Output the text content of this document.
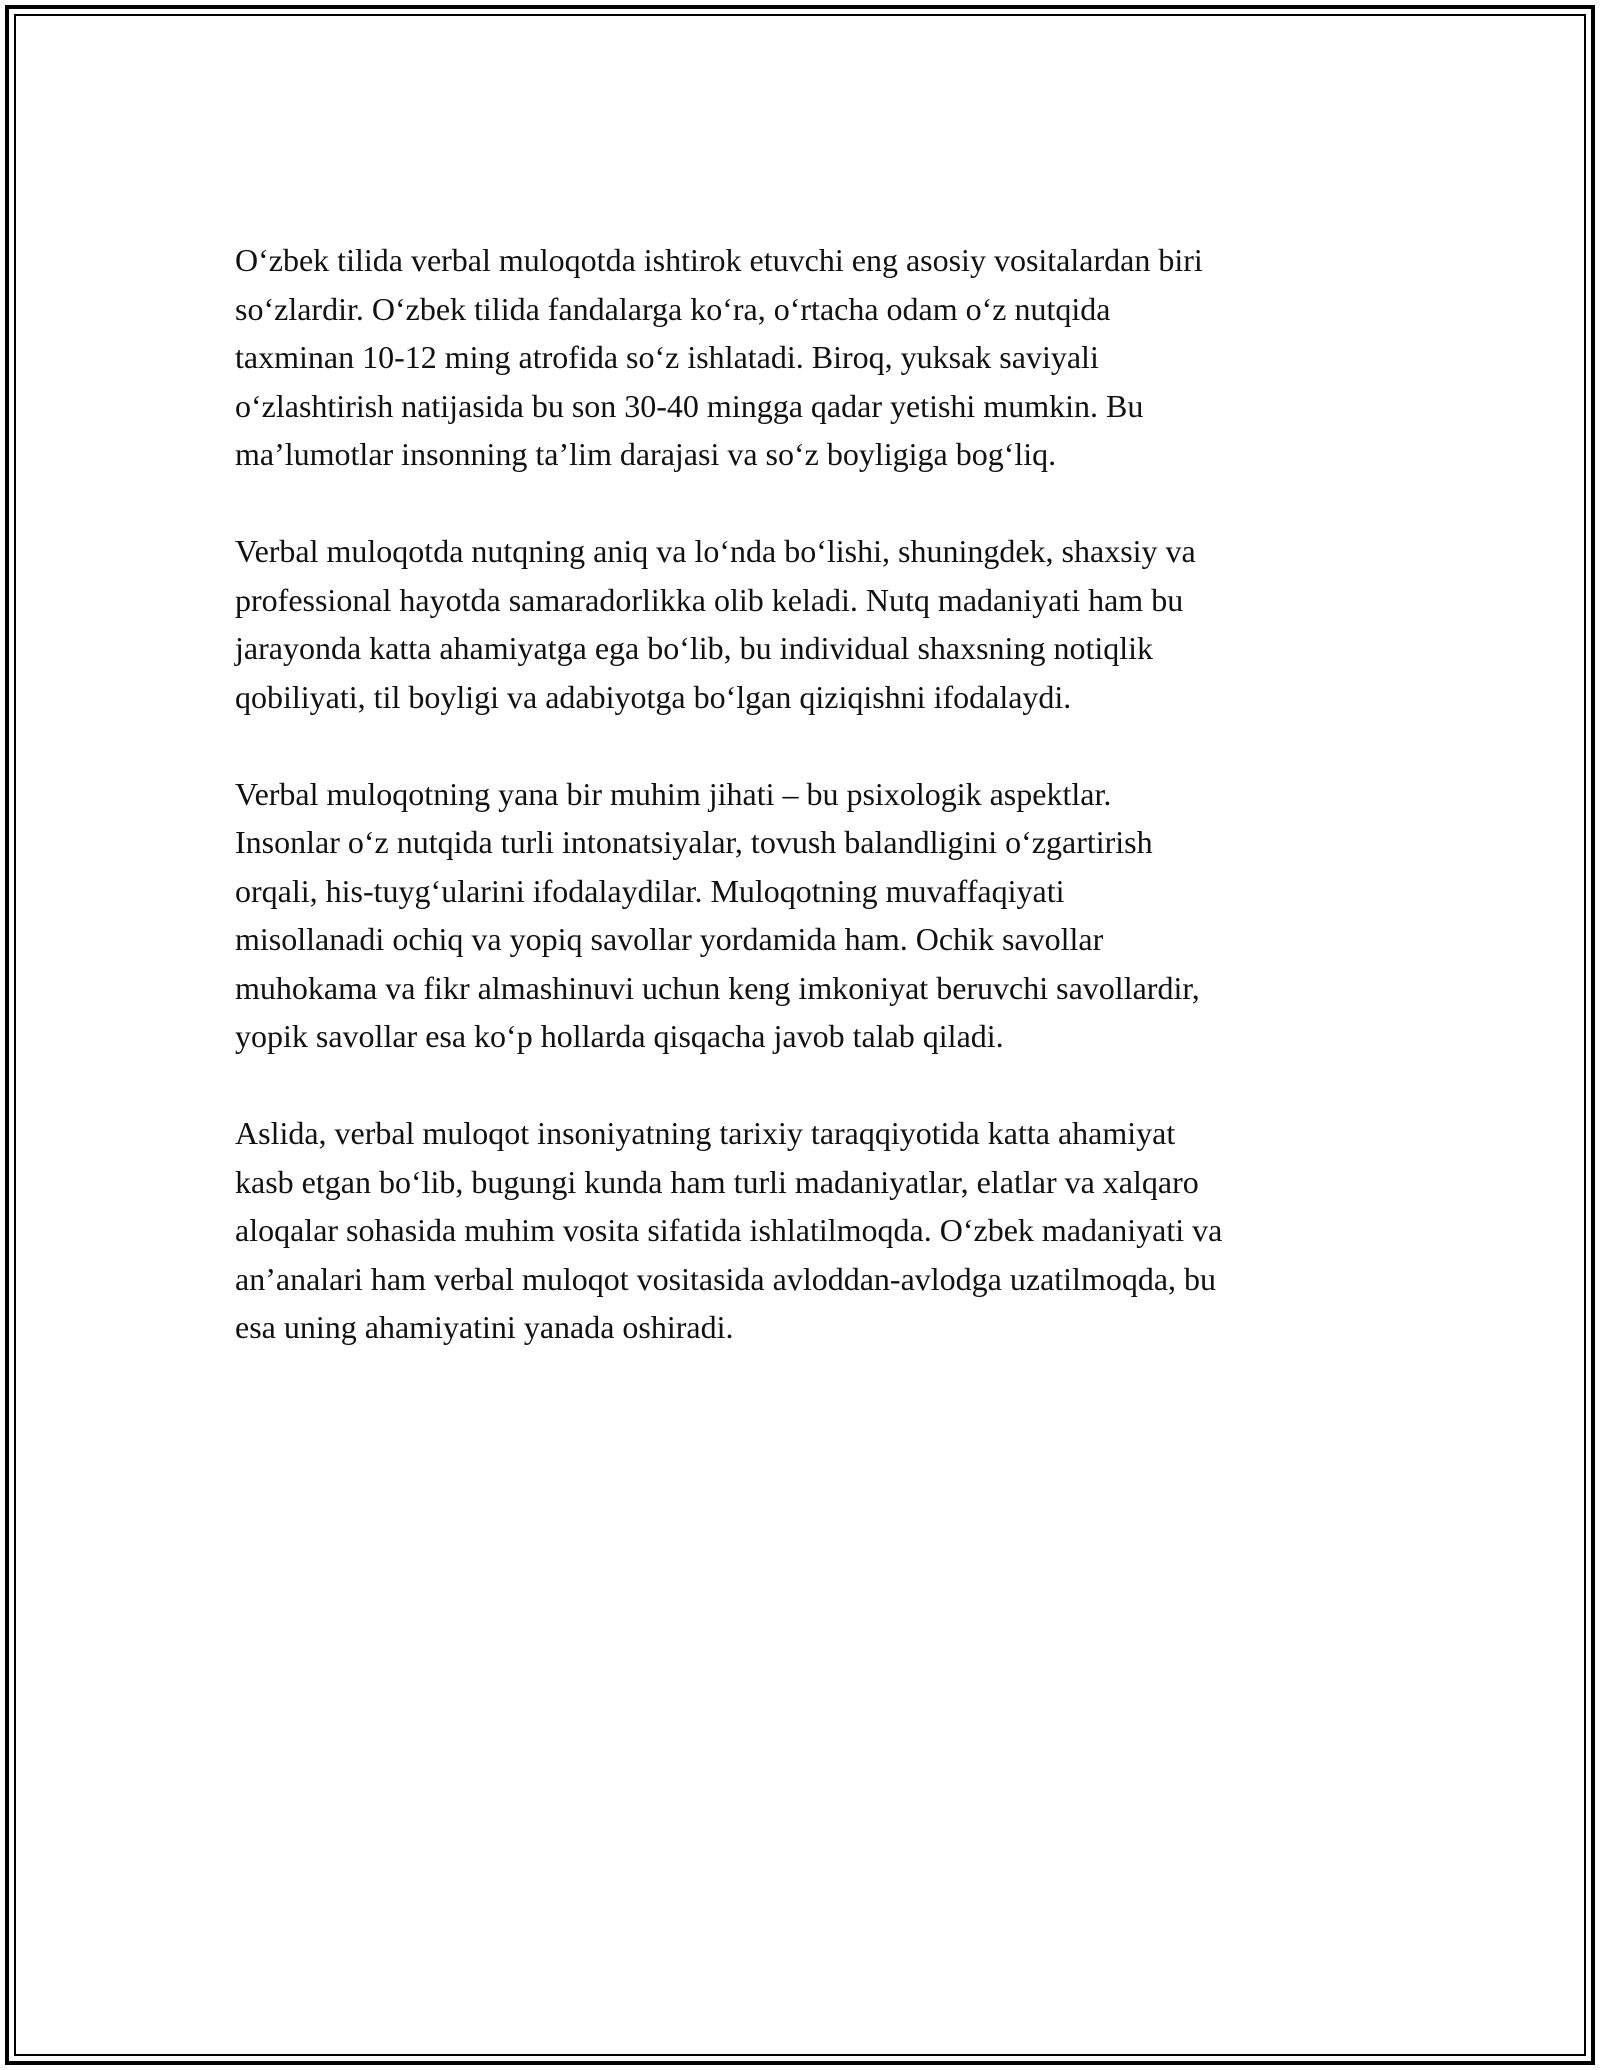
O‘zbek tilida verbal muloqotda ishtirok etuvchi eng asosiy vositalardan biri
so‘zlardir. O‘zbek tilida fandalarga ko‘ra, o‘rtacha odam o‘z nutqida
taxminan 10-12 ming atrofida so‘z ishlatadi. Biroq, yuksak saviyali
o‘zlashtirish natijasida bu son 30-40 mingga qadar yetishi mumkin. Bu
ma’lumotlar insonning ta’lim darajasi va so‘z boyligiga bog‘liq.

Verbal muloqotda nutqning aniq va lo‘nda bo‘lishi, shuningdek, shaxsiy va
professional hayotda samaradorlikka olib keladi. Nutq madaniyati ham bu
jarayonda katta ahamiyatga ega bo‘lib, bu individual shaxsning notiqlik
qobiliyati, til boyligi va adabiyotga bo‘lgan qiziqishni ifodalaydi.

Verbal muloqotning yana bir muhim jihati – bu psixologik aspektlar.
Insonlar o‘z nutqida turli intonatsiyalar, tovush balandligini o‘zgartirish
orqali, his-tuyg‘ularini ifodalaydilar. Muloqotning muvaffaqiyati
misollanadi ochiq va yopiq savollar yordamida ham. Ochik savollar
muhokama va fikr almashinuvi uchun keng imkoniyat beruvchi savollardir,
yopik savollar esa ko‘p hollarda qisqacha javob talab qiladi.

Aslida, verbal muloqot insoniyatning tarixiy taraqqiyotida katta ahamiyat
kasb etgan bo‘lib, bugungi kunda ham turli madaniyatlar, elatlar va xalqaro
aloqalar sohasida muhim vosita sifatida ishlatilmoqda. O‘zbek madaniyati va
an’analari ham verbal muloqot vositasida avloddan-avlodga uzatilmoqda, bu
esa uning ahamiyatini yanada oshiradi.
